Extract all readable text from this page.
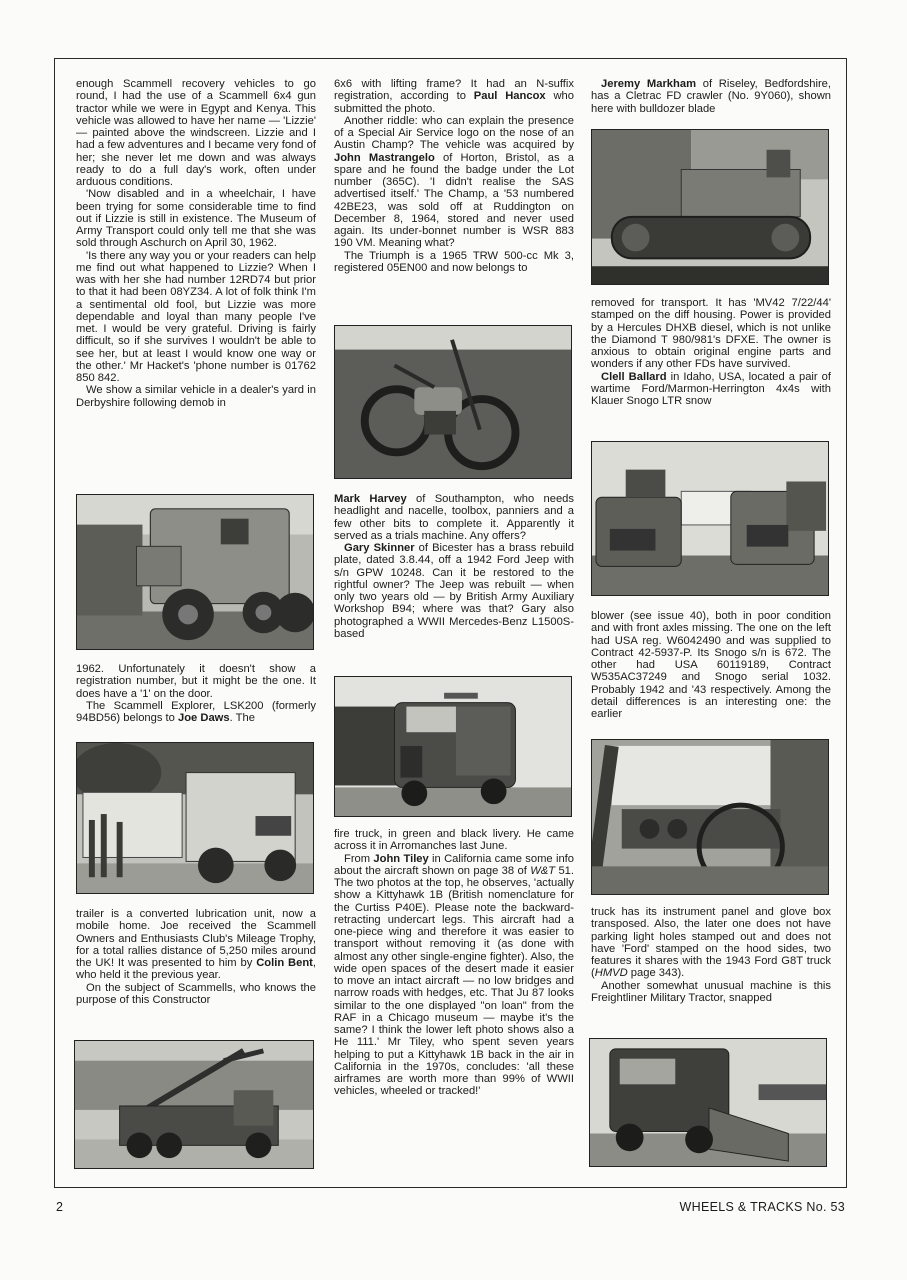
enough Scammell recovery vehicles to go round, I had the use of a Scammell 6x4 gun tractor while we were in Egypt and Kenya. This vehicle was allowed to have her name — 'Lizzie' — painted above the windscreen. Lizzie and I had a few adventures and I became very fond of her; she never let me down and was always ready to do a full day's work, often under arduous conditions.

'Now disabled and in a wheelchair, I have been trying for some considerable time to find out if Lizzie is still in existence. The Museum of Army Transport could only tell me that she was sold through Aschurch on April 30, 1962.

'Is there any way you or your readers can help me find out what happened to Lizzie? When I was with her she had number 12RD74 but prior to that it had been 08YZ34. A lot of folk think I'm a sentimental old fool, but Lizzie was more dependable and loyal than many people I've met. I would be very grateful. Driving is fairly difficult, so if she survives I wouldn't be able to see her, but at least I would know one way or the other.' Mr Hacket's 'phone number is 01762 850 842.

We show a similar vehicle in a dealer's yard in Derbyshire following demob in

1962. Unfortunately it doesn't show a registration number, but it might be the one. It does have a '1' on the door.

The Scammell Explorer, LSK200 (formerly 94BD56) belongs to Joe Daws. The

trailer is a converted lubrication unit, now a mobile home. Joe received the Scammell Owners and Enthusiasts Club's Mileage Trophy, for a total rallies distance of 5,250 miles around the UK! It was presented to him by Colin Bent, who held it the previous year.

On the subject of Scammells, who knows the purpose of this Constructor

6x6 with lifting frame? It had an N-suffix registration, according to Paul Hancox who submitted the photo.

Another riddle: who can explain the presence of a Special Air Service logo on the nose of an Austin Champ? The vehicle was acquired by John Mastrangelo of Horton, Bristol, as a spare and he found the badge under the Lot number (365C). 'I didn't realise the SAS advertised itself.' The Champ, a '53 numbered 42BE23, was sold off at Ruddington on December 8, 1964, stored and never used again. Its under-bonnet number is WSR 883 190 VM. Meaning what?

The Triumph is a 1965 TRW 500-cc Mk 3, registered 05EN00 and now belongs to

Mark Harvey of Southampton, who needs headlight and nacelle, toolbox, panniers and a few other bits to complete it. Apparently it served as a trials machine. Any offers?

Gary Skinner of Bicester has a brass rebuild plate, dated 3.8.44, off a 1942 Ford Jeep with s/n GPW 10248. Can it be restored to the rightful owner? The Jeep was rebuilt — when only two years old — by British Army Auxiliary Workshop B94; where was that? Gary also photographed a WWII Mercedes-Benz L1500S-based

fire truck, in green and black livery. He came across it in Arromanches last June.

From John Tiley in California came some info about the aircraft shown on page 38 of W&T 51. The two photos at the top, he observes, 'actually show a Kittyhawk 1B (British nomenclature for the Curtiss P40E). Please note the backward-retracting undercart legs. This aircraft had a one-piece wing and therefore it was easier to transport without removing it (as done with almost any other single-engine fighter). Also, the wide open spaces of the desert made it easier to move an intact aircraft — no low bridges and narrow roads with hedges, etc. That Ju 87 looks similar to the one displayed "on loan" from the RAF in a Chicago museum — maybe it's the same? I think the lower left photo shows also a He 111.' Mr Tiley, who spent seven years helping to put a Kittyhawk 1B back in the air in California in the 1970s, concludes: 'all these airframes are worth more than 99% of WWII vehicles, wheeled or tracked!'

Jeremy Markham of Riseley, Bedfordshire, has a Cletrac FD crawler (No. 9Y060), shown here with bulldozer blade

removed for transport. It has 'MV42 7/22/44' stamped on the diff housing. Power is provided by a Hercules DHXB diesel, which is not unlike the Diamond T 980/981's DFXE. The owner is anxious to obtain original engine parts and wonders if any other FDs have survived.

Clell Ballard in Idaho, USA, located a pair of wartime Ford/Marmon-Herrington 4x4s with Klauer Snogo LTR snow

blower (see issue 40), both in poor condition and with front axles missing. The one on the left had USA reg. W6042490 and was supplied to Contract 42-5937-P. Its Snogo s/n is 672. The other had USA 60119189, Contract W535AC37249 and Snogo serial 1032. Probably 1942 and '43 respectively. Among the detail differences is an interesting one: the earlier

truck has its instrument panel and glove box transposed. Also, the later one does not have parking light holes stamped out and does not have 'Ford' stamped on the hood sides, two features it shares with the 1943 Ford G8T truck (HMVD page 343).

Another somewhat unusual machine is this Freightliner Military Tractor, snapped

2	WHEELS & TRACKS No. 53
